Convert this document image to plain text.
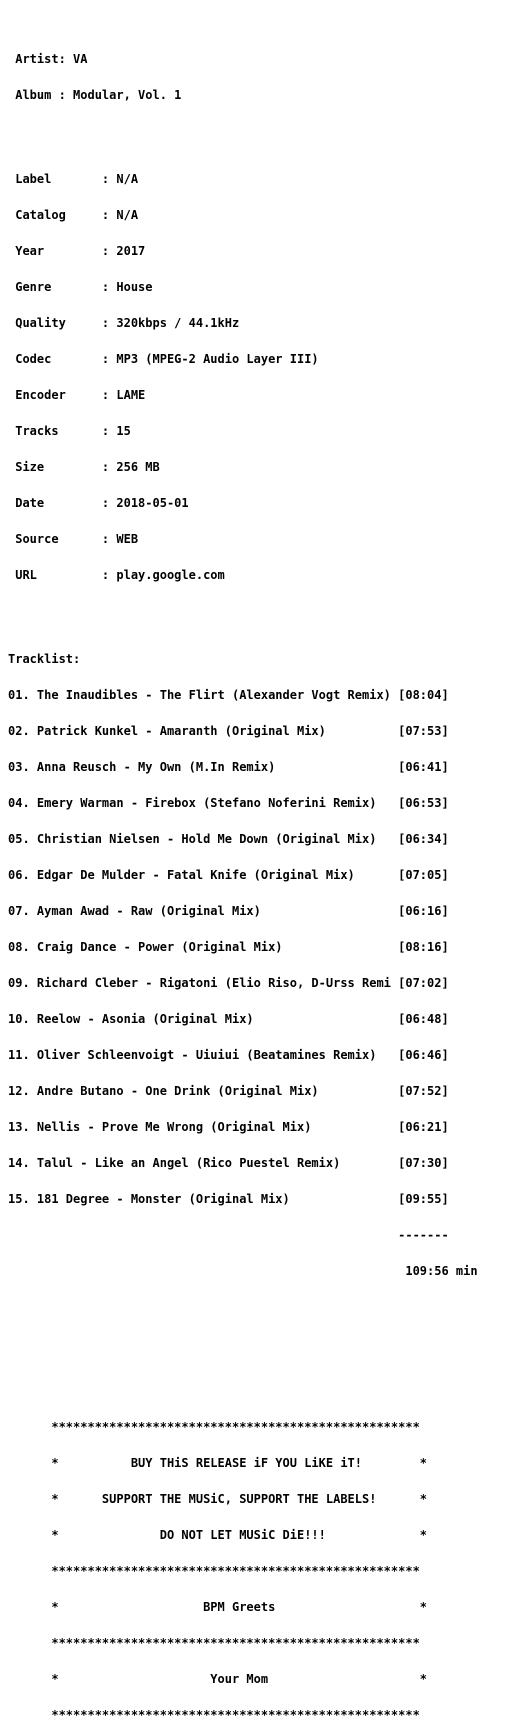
Artist: VA

Album : Modular, Vol. 1

Label       : N/A

Catalog     : N/A

Year        : 2017

Genre       : House

Quality     : 320kbps / 44.1kHz

Codec       : MP3 (MPEG-2 Audio Layer III)

Encoder     : LAME

Tracks      : 15

Size        : 256 MB

Date        : 2018-05-01

Source      : WEB

URL         : play.google.com

Tracklist:

01. The Inaudibles - The Flirt (Alexander Vogt Remix) [08:04]

02. Patrick Kunkel - Amaranth (Original Mix)          [07:53]

03. Anna Reusch - My Own (M.In Remix)                 [06:41]

04. Emery Warman - Firebox (Stefano Noferini Remix)   [06:53]

05. Christian Nielsen - Hold Me Down (Original Mix)   [06:34]

06. Edgar De Mulder - Fatal Knife (Original Mix)      [07:05]

07. Ayman Awad - Raw (Original Mix)                   [06:16]

08. Craig Dance - Power (Original Mix)                [08:16]

09. Richard Cleber - Rigatoni (Elio Riso, D-Urss Remi [07:02]

10. Reelow - Asonia (Original Mix)                    [06:48]

11. Oliver Schleenvoigt - Uiuiui (Beatamines Remix)   [06:46]

12. Andre Butano - One Drink (Original Mix)           [07:52]

13. Nellis - Prove Me Wrong (Original Mix)            [06:21]

14. Talul - Like an Angel (Rico Puestel Remix)        [07:30]

15. 181 Degree - Monster (Original Mix)               [09:55]

-------

109:56 min

***************************************************

*          BUY THiS RELEASE iF YOU LiKE iT!        *

*      SUPPORT THE MUSiC, SUPPORT THE LABELS!      *

*              DO NOT LET MUSiC DiE!!!             *

***************************************************

*                    BPM Greets                    *

***************************************************

*                     Your Mom                     *

***************************************************
